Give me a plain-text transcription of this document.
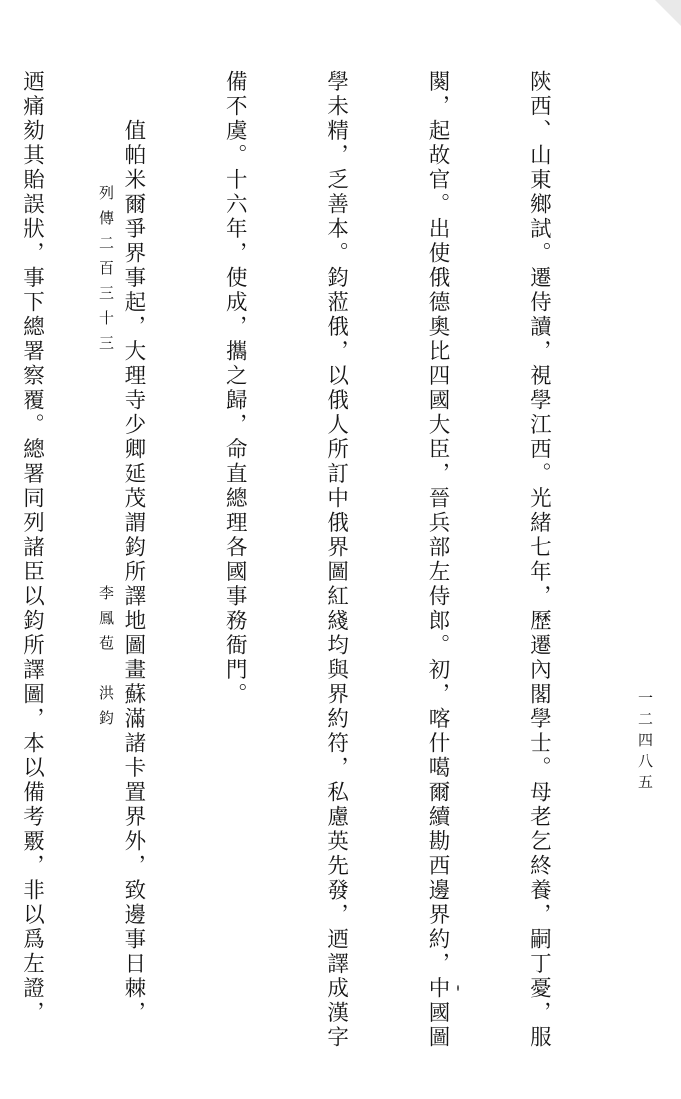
陝西、山東鄉試。遷侍讀，視學江西。光緒七年，歷遷內閣學士。母老乞終養，嗣丁憂，服

闋，起故官。出使俄德奧比四國大臣，晉兵部左侍郎。初，喀什噶爾續勘西邊界約，中國圖

學未精，乏善本。鈞蒞俄，以俄人所訂中俄界圖紅綫均與界約符，私慮英先發，迺譯成漢字

備不虞。十六年，使成，攜之歸，命直總理各國事務衙門。

　　值帕米爾爭界事起，大理寺少卿延茂謂鈞所譯地圖畫蘇滿諸卡置界外，致邊事日棘，

迺痛劾其貽誤狀，事下總署察覆。總署同列諸臣以鈞所譯圖，本以備考覈，非以爲左證，

	列傳二百三十三
李鳳苞　洪鈞
一二四八五
